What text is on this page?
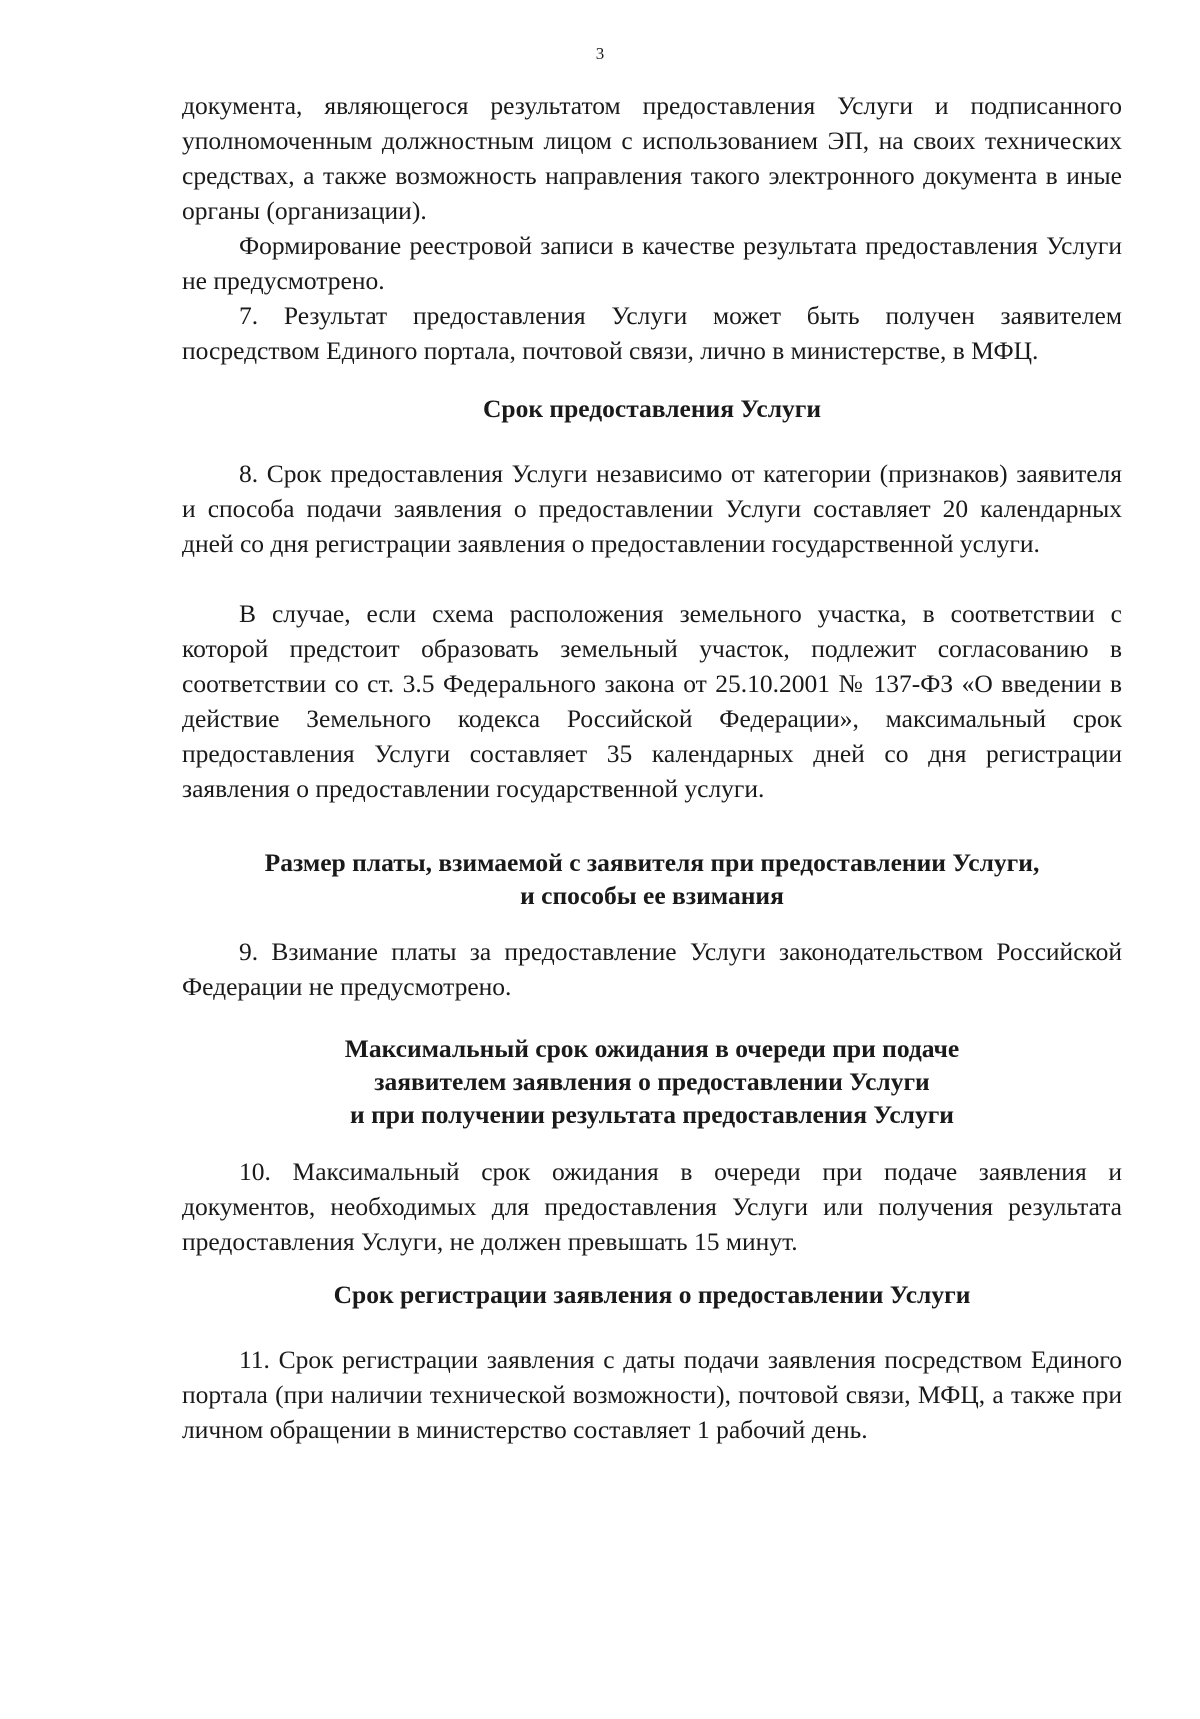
3

документа, являющегося результатом предоставления Услуги и подписанного уполномоченным должностным лицом с использованием ЭП, на своих технических средствах, а также возможность направления такого электронного документа в иные органы (организации).

Формирование реестровой записи в качестве результата предоставления Услуги не предусмотрено.

7. Результат предоставления Услуги может быть получен заявителем посредством Единого портала, почтовой связи, лично в министерстве, в МФЦ.

Срок предоставления Услуги

8. Срок предоставления Услуги независимо от категории (признаков) заявителя и способа подачи заявления о предоставлении Услуги составляет 20 календарных дней со дня регистрации заявления о предоставлении государственной услуги.

В случае, если схема расположения земельного участка, в соответствии с которой предстоит образовать земельный участок, подлежит согласованию в соответствии со ст. 3.5 Федерального закона от 25.10.2001 № 137-ФЗ «О введении в действие Земельного кодекса Российской Федерации», максимальный срок предоставления Услуги составляет 35 календарных дней со дня регистрации заявления о предоставлении государственной услуги.

Размер платы, взимаемой с заявителя при предоставлении Услуги,
и способы ее взимания

9. Взимание платы за предоставление Услуги законодательством Российской Федерации не предусмотрено.

Максимальный срок ожидания в очереди при подаче
заявителем заявления о предоставлении Услуги
и при получении результата предоставления Услуги

10. Максимальный срок ожидания в очереди при подаче заявления и документов, необходимых для предоставления Услуги или получения результата предоставления Услуги, не должен превышать 15 минут.

Срок регистрации заявления о предоставлении Услуги

11. Срок регистрации заявления с даты подачи заявления посредством Единого портала (при наличии технической возможности), почтовой связи, МФЦ, а также при личном обращении в министерство составляет 1 рабочий день.
